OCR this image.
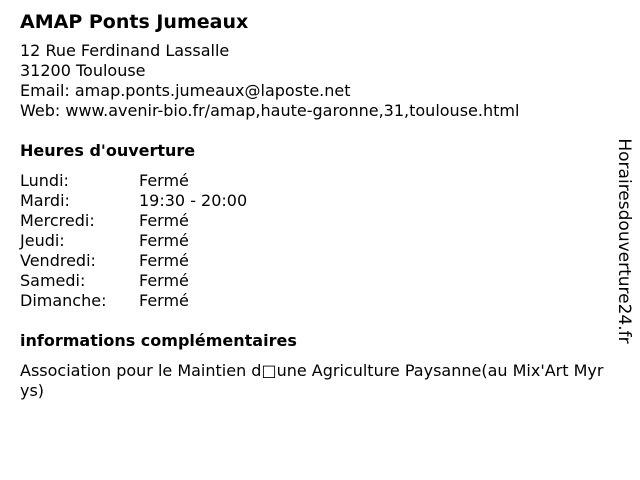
AMAP Ponts Jumeaux
12 Rue Ferdinand Lassalle
31200 Toulouse
Email: amap.ponts.jumeaux@laposte.net
Web: www.avenir-bio.fr/amap,haute-garonne,31,toulouse.html
Heures d'ouverture
Lundi:	Fermé
Mardi:	19:30 - 20:00
Mercredi:	Fermé
Jeudi:	Fermé
Vendredi:	Fermé
Samedi:	Fermé
Dimanche:	Fermé
informations complémentaires
Association pour le Maintien d□une Agriculture Paysanne(au Mix'Art Myrys)
Horairesdouverture24.fr
